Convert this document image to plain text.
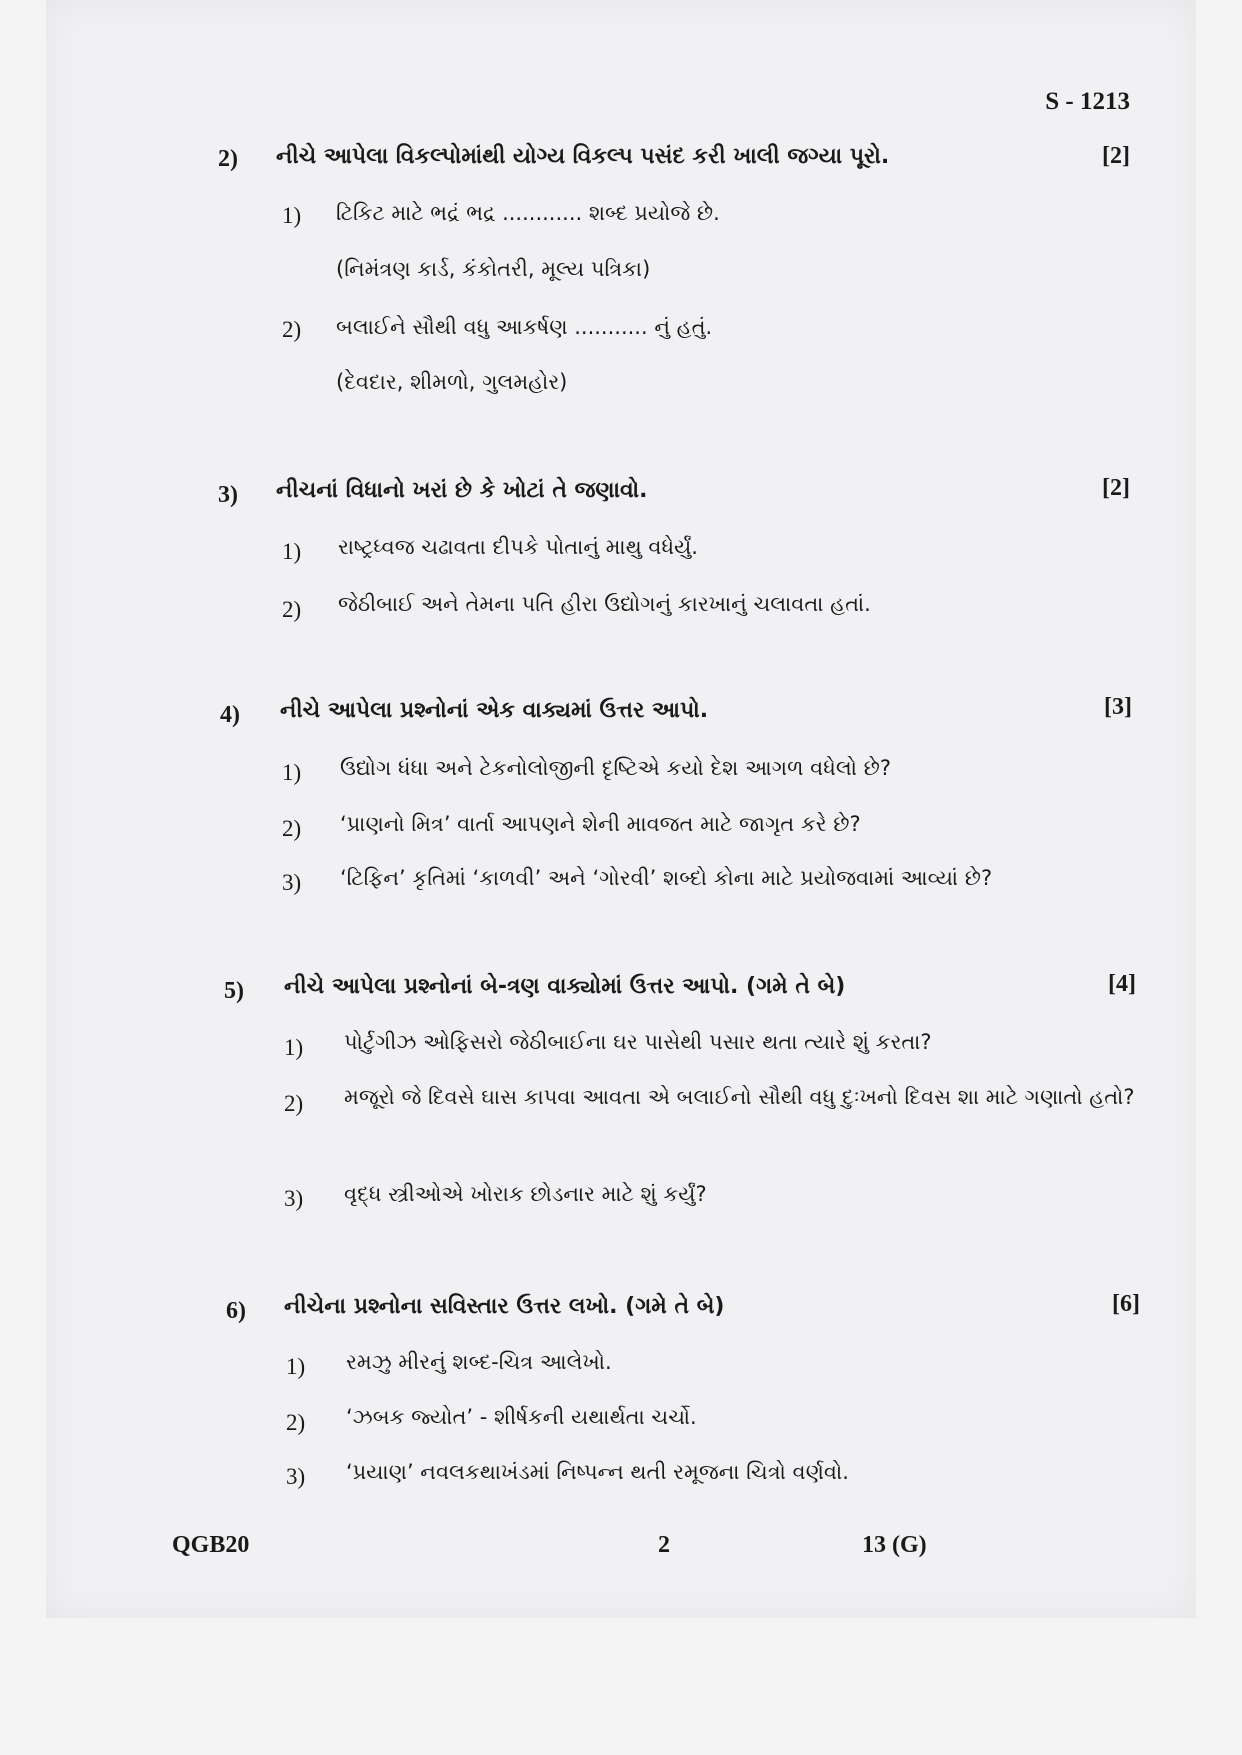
S - 1213
2) નીચે આપેલા વિકલ્પોમાંથી યોગ્ય વિકલ્પ પસંદ કરી ખાલી જગ્યા પૂરો.	[2]
1) ટિકિટ માટે ભદ્રં ભદ્ર ............ શબ્દ પ્રયોજે છે.
(નિમંત્રણ કાર્ડ, કંકોતરી, મૂલ્ય પત્રિકા)
2) બલાઈને સૌથી વધુ આકર્ષણ ........... નું હતું.
(દેવદાર, શીમળો, ગુલમહોર)
3) નીચનાં વિધાનો ખરાં છે કે ખોટાં તે જણાવો.	[2]
1) રાષ્ટ્રધ્વજ ચઢાવતા દીપકે પોતાનું માથુ વધેર્યું.
2) જેઠીબાઈ અને તેમના પતિ હીરા ઉદ્યોગનું કારખાનું ચલાવતા હતાં.
4) નીચે આપેલા પ્રશ્નોનાં એક વાક્યમાં ઉત્તર આપો.	[3]
1) ઉદ્યોગ ધંધા અને ટેકનોલોજીની દૃષ્ટિએ કયો દેશ આગળ વધેલો છે?
2) ‘પ્રાણનો મિત્ર’ વાર્તા આપણને શેની માવજત માટે જાગૃત કરે છે?
3) ‘ટિફિન’ કૃતિમાં ‘કાળવી’ અને ‘ગોરવી’ શબ્દો કોના માટે પ્રયોજવામાં આવ્યાં છે?
5) નીચે આપેલા પ્રશ્નોનાં બે-ત્રણ વાક્યોમાં ઉત્તર આપો. (ગમે તે બે)	[4]
1) પોર્ટુગીઝ ઓફિસરો જેઠીબાઈના ઘર પાસેથી પસાર થતા ત્યારે શું કરતા?
2) મજૂરો જે દિવસે ઘાસ કાપવા આવતા એ બલાઈનો સૌથી વધુ દુઃખનો દિવસ શા માટે ગણાતો હતો?
3) વૃદ્ધ સ્ત્રીઓએ ખોરાક છોડનાર માટે શું કર્યું?
6) નીચેના પ્રશ્નોના સવિસ્તાર ઉત્તર લખો. (ગમે તે બે)	[6]
1) રમઝુ મીરનું શબ્દ-ચિત્ર આલેખો.
2) ‘ઝબક જ્યોત’ - શીર્ષકની યથાર્થતા ચર્ચો.
3) ‘પ્રયાણ’ નવલકથાખંડમાં નિષ્પન્ન થતી રમૂજના ચિત્રો વર્ણવો.
QGB20	2	13 (G)
